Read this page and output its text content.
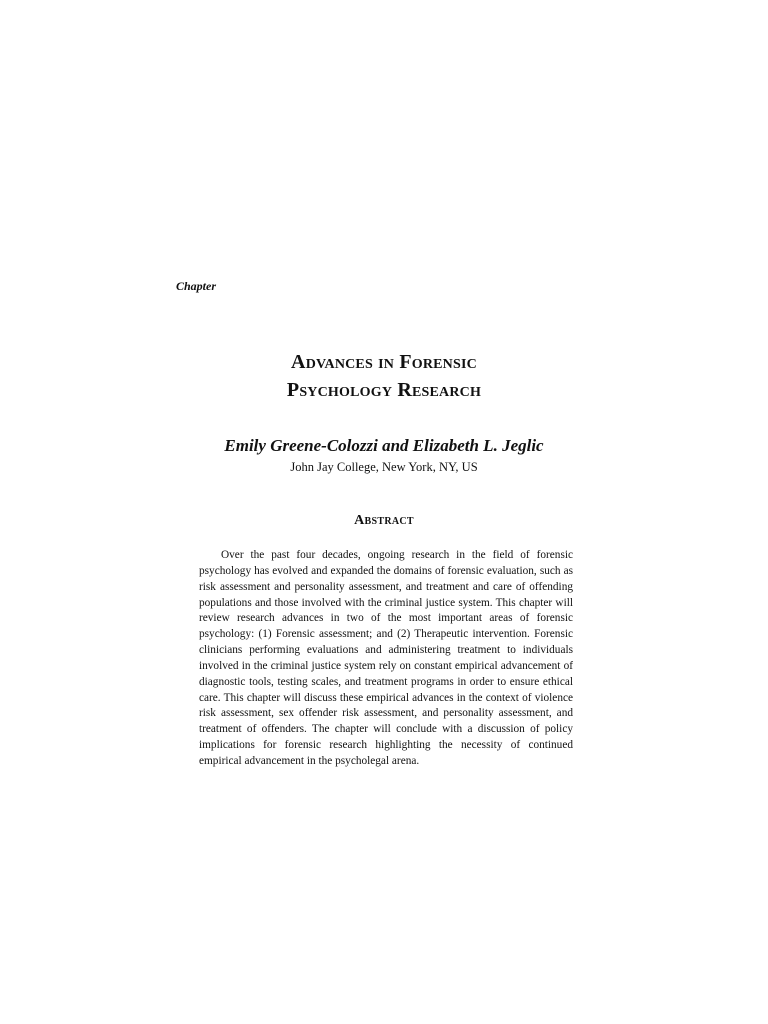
Chapter
Advances in Forensic
Psychology Research
Emily Greene-Colozzi and Elizabeth L. Jeglic
John Jay College, New York, NY, US
Abstract

Over the past four decades, ongoing research in the field of forensic psychology has evolved and expanded the domains of forensic evaluation, such as risk assessment and personality assessment, and treatment and care of offending populations and those involved with the criminal justice system. This chapter will review research advances in two of the most important areas of forensic psychology: (1) Forensic assessment; and (2) Therapeutic intervention. Forensic clinicians performing evaluations and administering treatment to individuals involved in the criminal justice system rely on constant empirical advancement of diagnostic tools, testing scales, and treatment programs in order to ensure ethical care. This chapter will discuss these empirical advances in the context of violence risk assessment, sex offender risk assessment, and personality assessment, and treatment of offenders. The chapter will conclude with a discussion of policy implications for forensic research highlighting the necessity of continued empirical advancement in the psycholegal arena.
